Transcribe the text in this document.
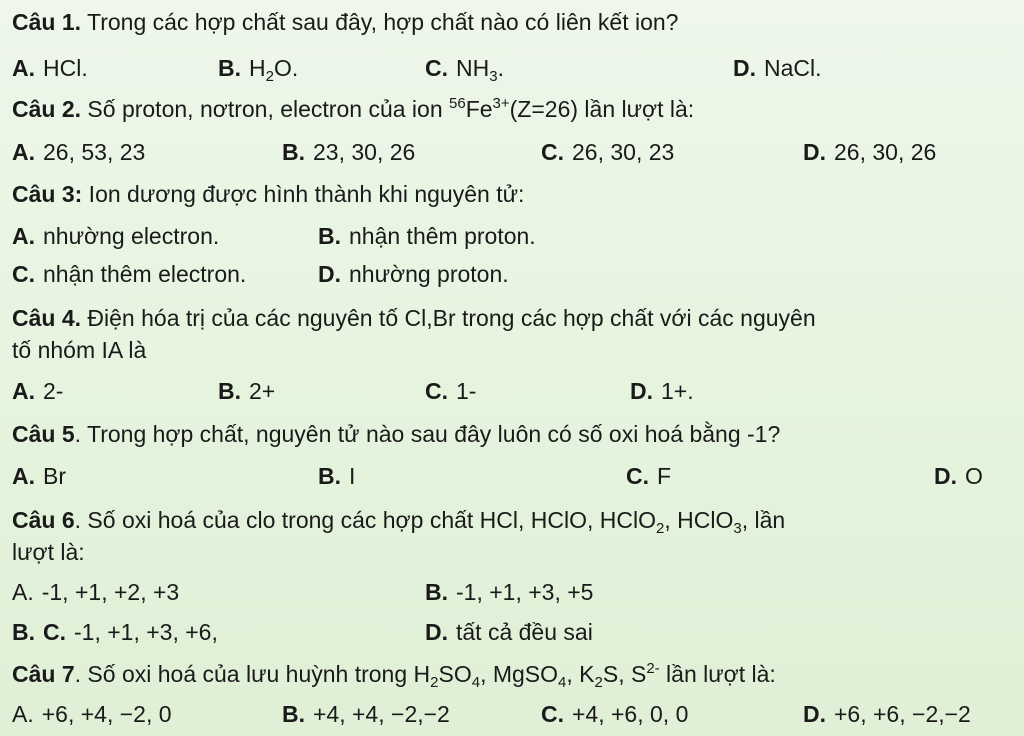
Câu 1. Trong các hợp chất sau đây, hợp chất nào có liên kết ion?
A. HCl.	B. $H_2O$.	C. $NH_3$.	D. NaCl.
Câu 2. Số proton, nơtron, electron của ion $^{56}Fe^{3+}(Z=26)$ lần lượt là:
A. 26, 53, 23	B. 23, 30, 26	C. 26, 30, 23	D. 26, 30, 26
Câu 3: Ion dương được hình thành khi nguyên tử:
A. nhường electron.	B. nhận thêm proton.
C. nhận thêm electron.	D. nhường proton.
Câu 4. Điện hóa trị của các nguyên tố Cl,Br trong các hợp chất với các nguyên
tố nhóm IA là
A. 2-	B. 2+	C. 1-	D. 1+.
Câu 5. Trong hợp chất, nguyên tử nào sau đây luôn có số oxi hoá bằng -1?
A. Br	B. I	C. F	D. O
Câu 6. Số oxi hoá của clo trong các hợp chất HCl, HClO, HClO$_2$, HClO$_3$, lần
lượt là:
A. -1, +1, +2, +3	B. -1, +1, +3, +5
B. C. -1, +1, +3, +6,	D. tất cả đều sai
Câu 7. Số oxi hoá của lưu huỳnh trong $H_2SO_4$, MgSO$_4$, $K_2S$, $S^{2-}$ lần lượt là:
A. +6, +4, −2, 0	B. +4, +4, −2,−2	C. +4, +6, 0, 0	D. +6, +6, −2,−2
